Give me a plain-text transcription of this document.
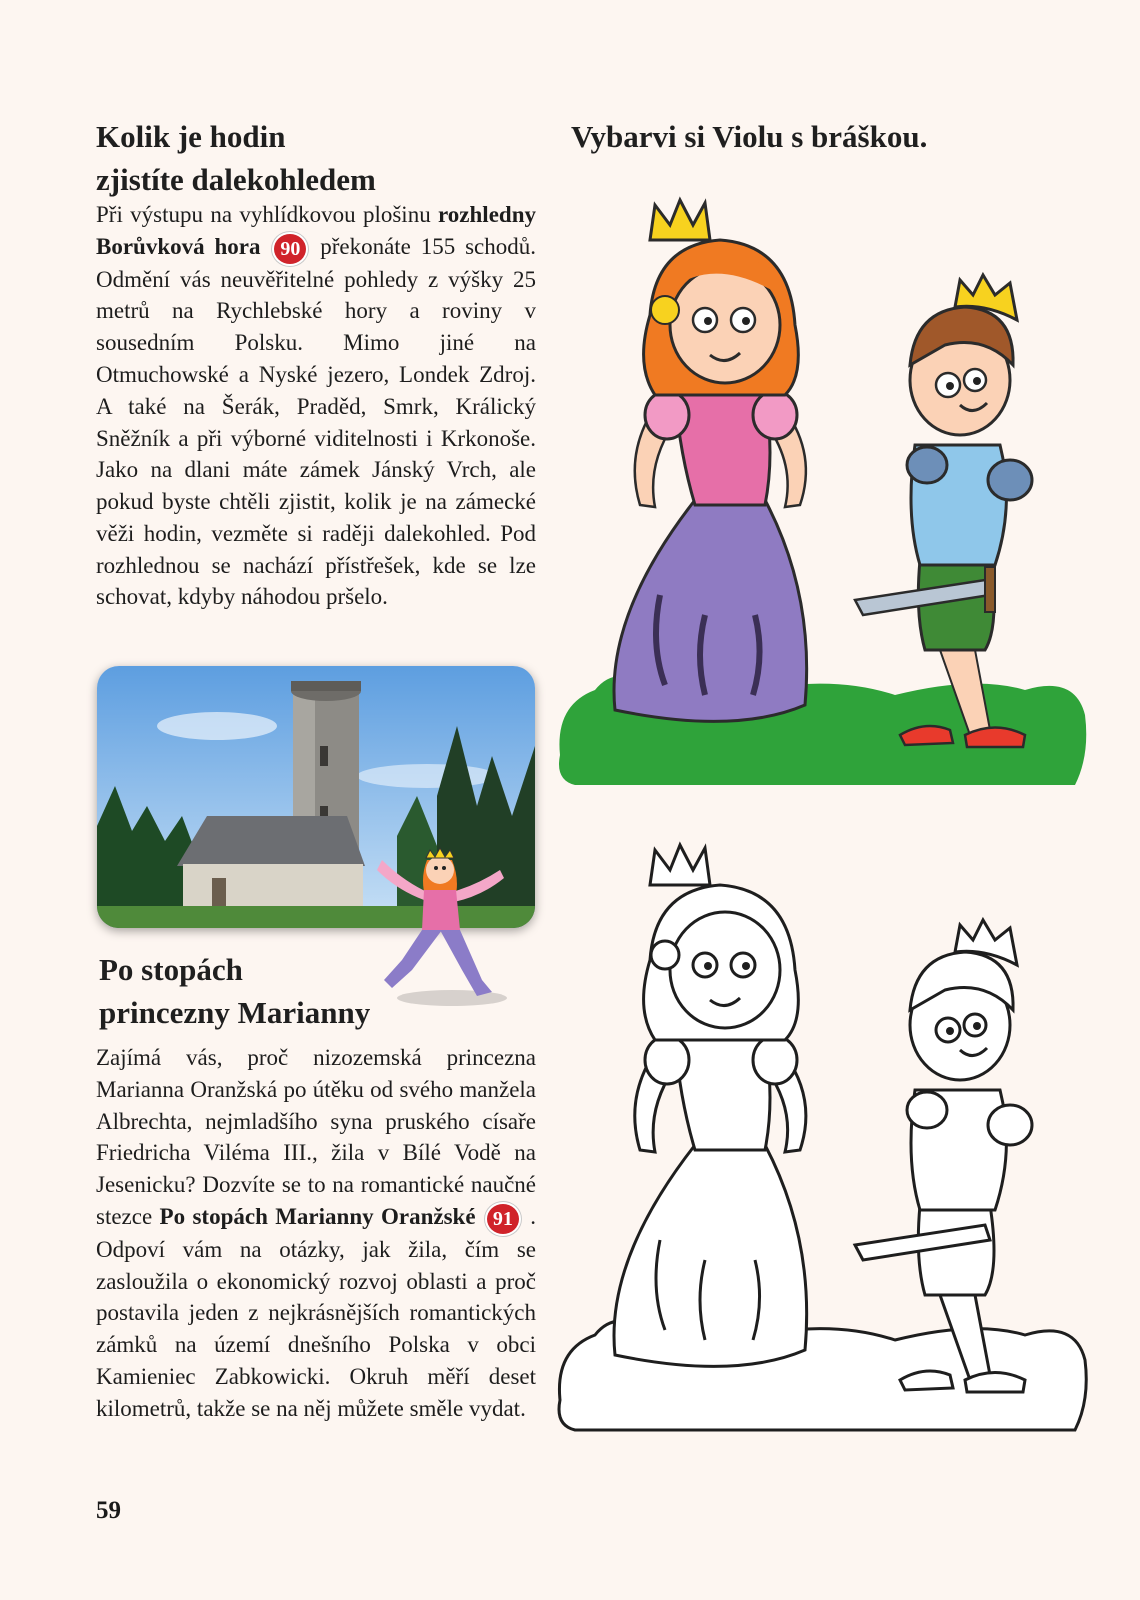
Kolik je hodin
zjistíte dalekohledem

Při výstupu na vyhlídkovou plošinu rozhledny Borůvková hora 90 překonáte 155 schodů. Odmění vás neuvěřitelné pohledy z výšky 25 metrů na Rychlebské hory a roviny v sousedním Polsku. Mimo jiné na Otmuchowské a Nyské jezero, Londek Zdroj. A také na Šerák, Praděd, Smrk, Králický Sněžník a při výborné viditelnosti i Krkonoše. Jako na dlani máte zámek Jánský Vrch, ale pokud byste chtěli zjistit, kolik je na zámecké věži hodin, vezměte si raději dalekohled. Pod rozhlednou se nachází přístřešek, kde se lze schovat, kdyby náhodou pršelo.

Po stopách
princezny Marianny

Zajímá vás, proč nizozemská princezna Marianna Oranžská po útěku od svého manžela Albrechta, nejmladšího syna pruského císaře Friedricha Viléma III., žila v Bílé Vodě na Jesenicku? Dozvíte se to na romantické naučné stezce Po stopách Marianny Oranžské 91 . Odpoví vám na otázky, jak žila, čím se zasloužila o ekonomický rozvoj oblasti a proč postavila jeden z nejkrásnějších romantických zámků na území dnešního Polska v obci Kamieniec Zabkowicki. Okruh měří deset kilometrů, takže se na něj můžete směle vydat.

59
Vybarvi si Violu s bráškou.
